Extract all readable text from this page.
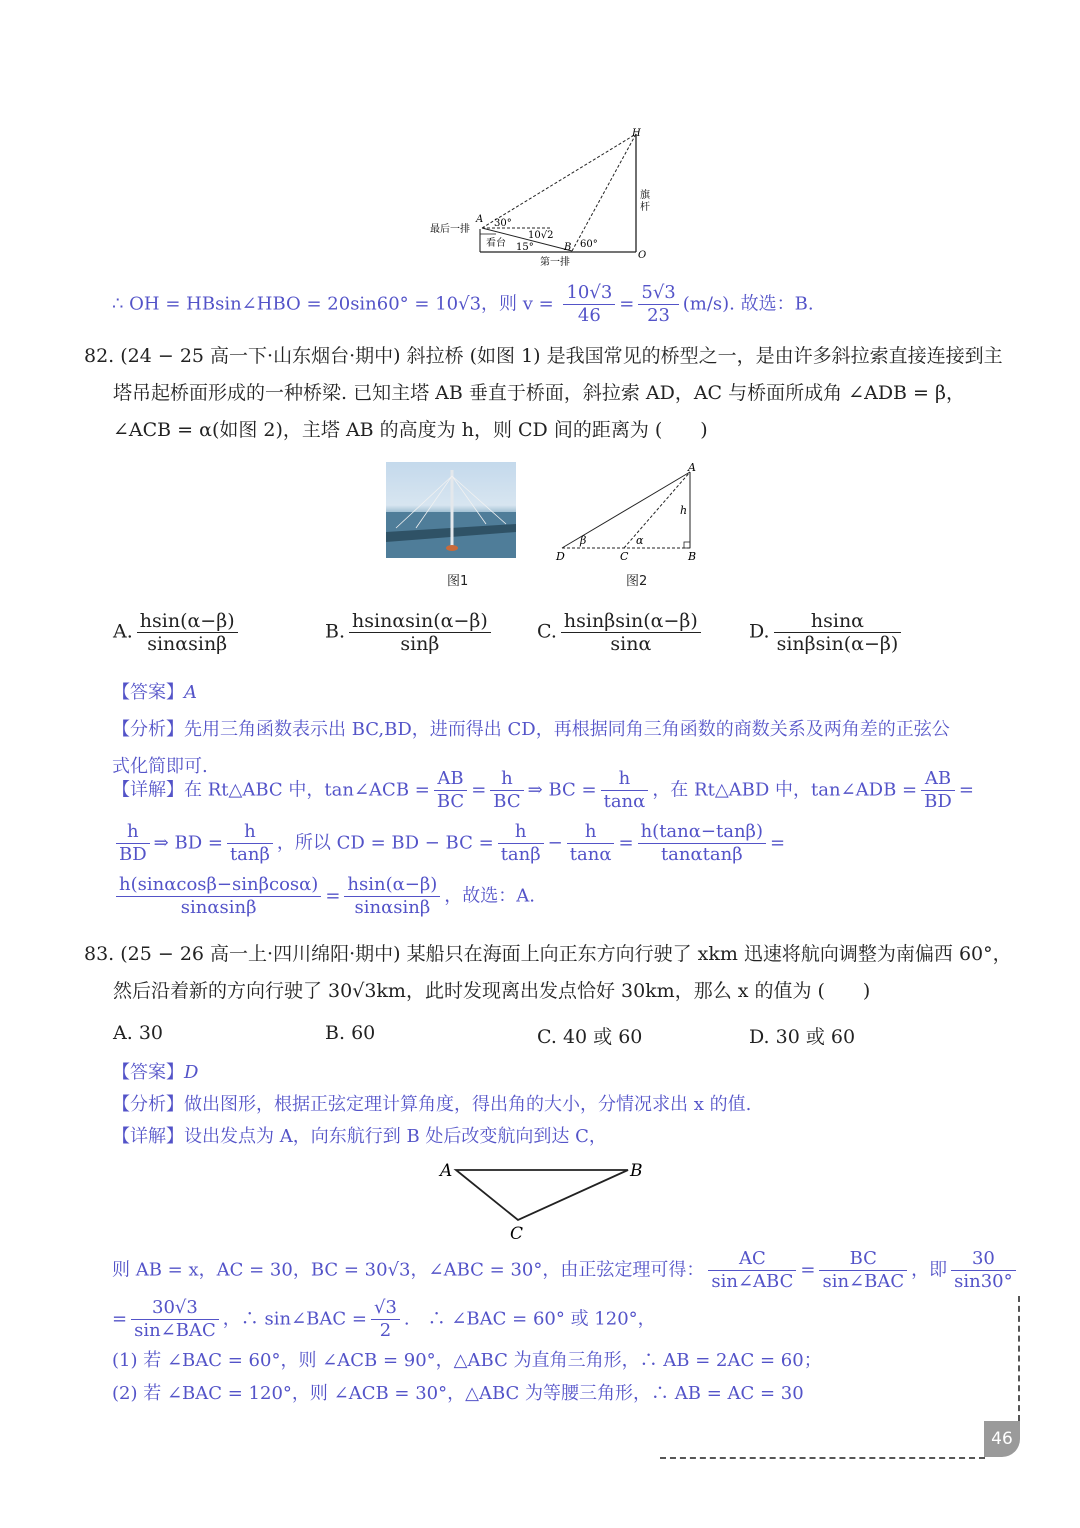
H
A
B
O
30°
15°	60°
10√2
最后一排
看台
第一排
旗
杆
∴ OH = HBsin∠HBO = 20sin60° = 10√3，则 $v = \frac{10√3}{46} = \frac{5√3}{23} (m/s)$. 故选：B.
82. (24 − 25 高一下·山东烟台·期中) 斜拉桥 (如图 1) 是我国常见的桥型之一，是由许多斜拉索直接连接到主
塔吊起桥面形成的一种桥梁. 已知主塔 AB 垂直于桥面，斜拉索 AD，AC 与桥面所成角 ∠ADB = β，
∠ACB = α(如图 2)，主塔 AB 的高度为 h，则 CD 间的距离为 (　　)
图1
A
B
C
D
h
α
β
图2
A. $\frac{hsin(\alpha-\beta)}{\sin\alpha\sin\beta}$	B. $\frac{hsin\alpha\sin(\alpha-\beta)}{\sin\beta} C$. $\frac{hsin\beta\sin(\alpha-\beta)}{\sin\alpha}$	D. $\frac{hsin\alpha}{\sin\beta\sin(\alpha-\beta)}$
【答案】A
【分析】先用三角函数表示出 BC,BD，进而得出 CD，再根据同角三角函数的商数关系及两角差的正弦公
式化简即可.
【详解】在 Rt△ABC 中，tan∠ACB = $\frac{AB}{BC} = \frac{h}{BC}$ ⇒ BC = $\frac{h}{\tan\alpha}$ ，在 Rt△ABD 中，tan∠ADB = $\frac{AB}{BD}$ =
$\frac{h}{BD}$ ⇒ BD = $\frac{h}{\tan\beta}$ ，所以 CD = BD − BC = $\frac{h}{\tan\beta} - \frac{h}{\tan\alpha} = \frac{h(\tan\alpha-\tan\beta)}{\tan\alpha\tan\beta}$ =
$\frac{h(\sin\alpha\cos\beta-\sin\beta\cos\alpha)}{\sin\alpha\sin\beta} = \frac{hsin(\alpha-\beta)}{\sin\alpha\sin\beta}$ ，故选：A.
83. (25 − 26 高一上·四川绵阳·期中) 某船只在海面上向正东方向行驶了 xkm 迅速将航向调整为南偏西 60°，
然后沿着新的方向行驶了 30√3km，此时发现离出发点恰好 30km，那么 x 的值为 (　　)
A. 30	B. 60	C. 40 或 60	D. 30 或 60
【答案】D
【分析】做出图形，根据正弦定理计算角度，得出角的大小，分情况求出 x 的值.
【详解】设出发点为 A，向东航行到 B 处后改变航向到达 C，
A	B
C
则 AB = x，AC = 30，BC = 30√3，∠ABC = 30°，由正弦定理可得：
AC
sin∠ABC
=
BC
sin∠BAC
，即 $\frac{30}{\sin 30^\circ}$
=
30√3
sin∠BAC
，∴ sin∠BAC = $\frac{√3}{2}$ .　∴ ∠BAC = 60° 或 120°，
(1) 若 ∠BAC = 60°，则 ∠ACB = 90°，△ABC 为直角三角形，∴ AB = 2AC = 60；
(2) 若 ∠BAC = 120°，则 ∠ACB = 30°，△ABC 为等腰三角形，∴ AB = AC = 30
46
